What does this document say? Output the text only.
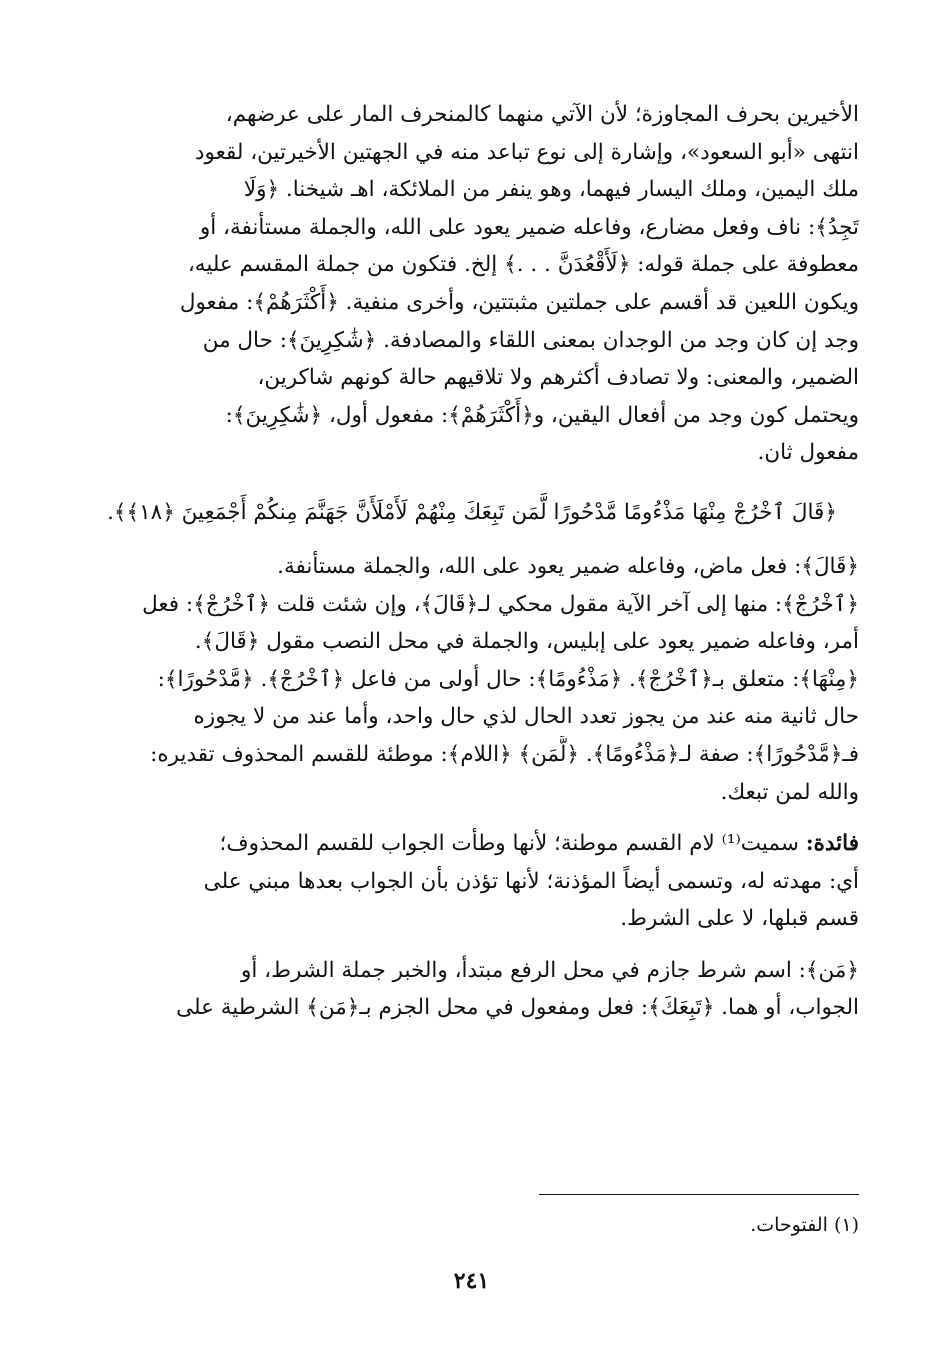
الأخيرين بحرف المجاوزة؛ لأن الآتي منهما كالمنحرف المار على عرضهم،
انتهى «أبو السعود»، وإشارة إلى نوع تباعد منه في الجهتين الأخيرتين، لقعود
ملك اليمين، وملك اليسار فيهما، وهو ينفر من الملائكة، اهـ شيخنا. ﴿وَلَا
تَجِدُ﴾: ناف وفعل مضارع، وفاعله ضمير يعود على الله، والجملة مستأنفة، أو
معطوفة على جملة قوله: ﴿لَأَقْعُدَنَّ . . .﴾ إلخ. فتكون من جملة المقسم عليه،
ويكون اللعين قد أقسم على جملتين مثبتتين، وأخرى منفية. ﴿أَكْثَرَهُمْ﴾: مفعول
وجد إن كان وجد من الوجدان بمعنى اللقاء والمصادفة. ﴿شَٰكِرِينَ﴾: حال من
الضمير، والمعنى: ولا تصادف أكثرهم ولا تلاقيهم حالة كونهم شاكرين،
ويحتمل كون وجد من أفعال اليقين، و﴿أَكْثَرَهُمْ﴾: مفعول أول، ﴿شَٰكِرِينَ﴾:
مفعول ثان.

﴿قَالَ ٱخْرُجْ مِنْهَا مَذْءُومًا مَّدْحُورًا لَّمَن تَبِعَكَ مِنْهُمْ لَأَمْلَأَنَّ جَهَنَّمَ مِنكُمْ أَجْمَعِينَ ﴿١٨﴾﴾.

﴿قَالَ﴾: فعل ماض، وفاعله ضمير يعود على الله، والجملة مستأنفة.
﴿ٱخْرُجْ﴾: منها إلى آخر الآية مقول محكي لـ﴿قَالَ﴾، وإن شئت قلت ﴿ٱخْرُجْ﴾: فعل
أمر، وفاعله ضمير يعود على إبليس، والجملة في محل النصب مقول ﴿قَالَ﴾.
﴿مِنْهَا﴾: متعلق بـ﴿ٱخْرُجْ﴾. ﴿مَذْءُومًا﴾: حال أولى من فاعل ﴿ٱخْرُجْ﴾. ﴿مَّدْحُورًا﴾:
حال ثانية منه عند من يجوز تعدد الحال لذي حال واحد، وأما عند من لا يجوزه
فـ﴿مَّدْحُورًا﴾: صفة لـ﴿مَذْءُومًا﴾. ﴿لَّمَن﴾ ﴿اللام﴾: موطئة للقسم المحذوف تقديره:
والله لمن تبعك.

فائدة: سميت⁽¹⁾ لام القسم موطنة؛ لأنها وطأت الجواب للقسم المحذوف؛
أي: مهدته له، وتسمى أيضاً المؤذنة؛ لأنها تؤذن بأن الجواب بعدها مبني على
قسم قبلها، لا على الشرط.

﴿مَن﴾: اسم شرط جازم في محل الرفع مبتدأ، والخبر جملة الشرط، أو
الجواب، أو هما. ﴿تَبِعَكَ﴾: فعل ومفعول في محل الجزم بـ﴿مَن﴾ الشرطية على

(١) الفتوحات.
٢٤١
